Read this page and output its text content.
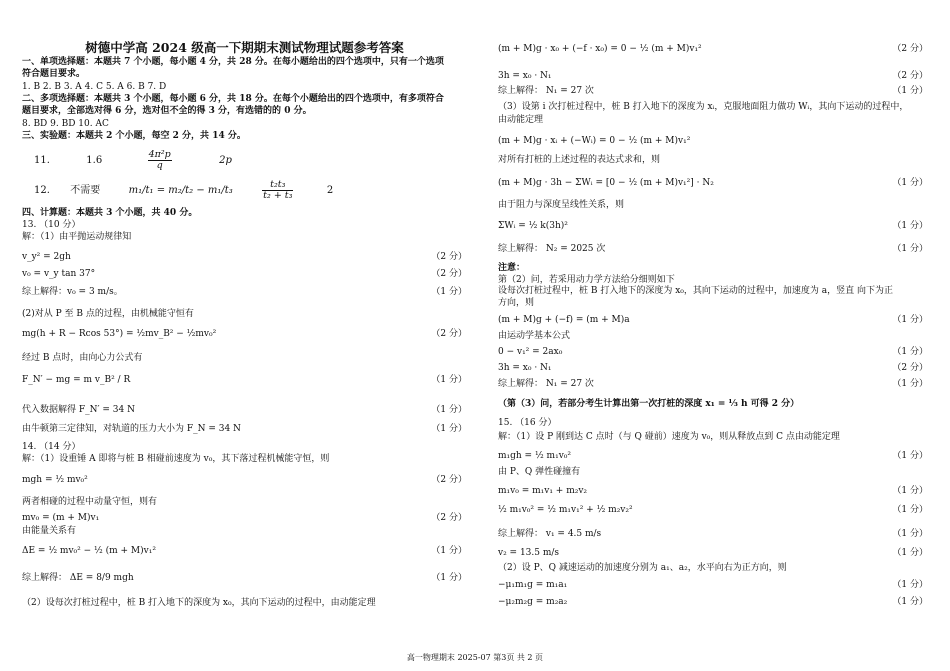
树德中学高 2024 级高一下期期末测试物理试题参考答案
一、单项选择题：本题共 7 个小题，每小题 4 分，共 28 分。在每小题给出的四个选项中，只有一个选项
符合题目要求。
1. B 2. B 3. A 4. C 5. A 6. B 7. D
二、多项选择题：本题共 3 个小题，每小题 6 分，共 18 分。在每个小题给出的四个选项中，有多项符合
题目要求，全部选对得 6 分，选对但不全的得 3 分，有选错的的 0 分。
8. BD 9. BD 10. AC
三、实验题：本题共 2 个小题，每空 2 分，共 14 分。
四、计算题：本题共 3 个小题，共 40 分。
13. （10 分）
解：（1）由平抛运动规律知
v_y² = 2gh	（2 分）
v₀ = v_y tan 37°	（2 分）
综上解得：v₀ = 3 m/s。	（1 分）
(2)对从 P 至 B 点的过程，由机械能守恒有
mg(h + R − Rcos 53°) = ½mv_B² − ½mv₀²	（2 分）
经过 B 点时，由向心力公式有
F_N′ − mg = m v_B² / R	（1 分）
代入数据解得 F_N′ = 34 N	（1 分）
由牛顿第三定律知，对轨道的压力大小为 F_N = 34 N	（1 分）
14. （14 分）
解：（1）设重锤 A 即将与桩 B 相碰前速度为 v₀，其下落过程机械能守恒，则
mgh = ½ mv₀²	（2 分）
两者相碰的过程中动量守恒，则有
mv₀ = (m + M)v₁	（2 分）
由能量关系有
ΔE = ½ mv₀² − ½ (m + M)v₁²	（1 分）
综上解得： ΔE = 8/9 mgh	（1 分）
（2）设每次打桩过程中，桩 B 打入地下的深度为 x₀，其向下运动的过程中，由动能定理
11.	1.6	$\frac{\text{4π²p}}{q}$	2p
12. 不需要	m₁/t₁ = m₂/t₂ − m₁/t₃	$\frac{\text{t₂t₃}}{\text{t₂ + t₃}}$	2
(m + M)g · x₀ + (−f · x₀) = 0 − ½ (m + M)v₁²	（2 分）
3h = x₀ · N₁	（2 分）
综上解得： N₁ = 27 次	（1 分）
（3）设第 i 次打桩过程中，桩 B 打入地下的深度为 xᵢ，克服地面阻力做功 Wᵢ，其向下运动的过程中，
由动能定理
(m + M)g · xᵢ + (−Wᵢ) = 0 − ½ (m + M)v₁²
对所有打桩的上述过程的表达式求和，则
(m + M)g · 3h − ΣWᵢ = [0 − ½ (m + M)v₁²] · N₂	（1 分）
由于阻力与深度呈线性关系，则
ΣWᵢ = ½ k(3h)²	（1 分）
综上解得： N₂ = 2025 次	（1 分）
注意：
第（2）问，若采用动力学方法给分细则如下
设每次打桩过程中，桩 B 打入地下的深度为 x₀，其向下运动的过程中，加速度为 a，竖直 向下为正
方向，则
(m + M)g + (−f) = (m + M)a	（1 分）
由运动学基本公式
0 − v₁² = 2ax₀	（1 分）
3h = x₀ · N₁	（2 分）
综上解得： N₁ = 27 次	（1 分）
（第（3）问，若部分考生计算出第一次打桩的深度 x₁ = ⅓ h 可得 2 分）
15. （16 分）
解：（1）设 P 刚到达 C 点时（与 Q 碰前）速度为 v₀，则从释放点到 C 点由动能定理
m₁gh = ½ m₁v₀²	（1 分）
由 P、Q 弹性碰撞有
m₁v₀ = m₁v₁ + m₂v₂	（1 分）
½ m₁v₀² = ½ m₁v₁² + ½ m₂v₂²	（1 分）
综上解得： v₁ = 4.5 m/s	（1 分）
v₂ = 13.5 m/s	（1 分）
（2）设 P、Q 减速运动的加速度分别为 a₁、a₂，水平向右为正方向，则
−μ₁m₁g = m₁a₁	（1 分）
−μ₂m₂g = m₂a₂	（1 分）
高一物理期末 2025-07 第3页 共 2 页
